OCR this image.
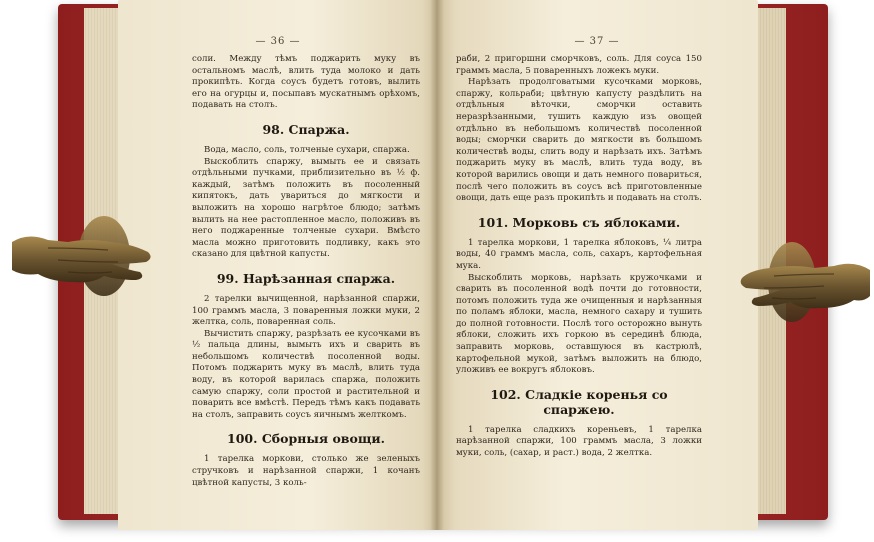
— 36 —

соли. Между тѣмъ поджарить муку въ остальномъ маслѣ, влить туда молоко и дать прокипѣть. Когда соусъ будетъ готовъ, вылить его на огурцы и, посыпавъ мускатнымъ орѣхомъ, подавать на столъ.

98. Спаржа.

Вода, масло, соль, толченые сухари, спаржа.

Выскоблить спаржу, вымыть ее и связать отдѣльными пучками, приблизительно въ ½ ф. каждый, затѣмъ положить въ посоленный кипятокъ, дать увариться до мягкости и выложить на хорошо нагрѣтое блюдо; затѣмъ вылить на нее растопленное масло, положивъ въ него поджаренные толченые сухари. Вмѣсто масла можно приготовить подливку, какъ это сказано для цвѣтной капусты.

99. Нарѣзанная спаржа.

2 тарелки вычищенной, нарѣзанной спаржи, 100 граммъ масла, 3 поваренныя ложки муки, 2 желтка, соль, поваренная соль.

Вычистить спаржу, разрѣзать ее кусочками въ ½ пальца длины, вымыть ихъ и сварить въ небольшомъ количествѣ посоленной воды. Потомъ поджарить муку въ маслѣ, влить туда воду, въ которой варилась спаржа, положить самую спаржу, соли простой и растительной и поварить все вмѣстѣ. Передъ тѣмъ какъ подавать на столъ, заправить соусъ яичнымъ желткомъ.

100. Сборныя овощи.

1 тарелка моркови, столько же зеленыхъ стручковъ и нарѣзанной спаржи, 1 кочанъ цвѣтной капусты, 3 коль-

— 37 —

раби, 2 пригоршни сморчковъ, соль. Для соуса 150 граммъ масла, 5 поваренныхъ ложекъ муки.

Нарѣзать продолговатыми кусочками морковь, спаржу, кольраби; цвѣтную капусту раздѣлить на отдѣльныя вѣточки, сморчки оставить неразрѣзанными, тушить каждую изъ овощей отдѣльно въ небольшомъ количествѣ посоленной воды; сморчки сварить до мягкости въ большомъ количествѣ воды, слить воду и нарѣзать ихъ. Затѣмъ поджарить муку въ маслѣ, влить туда воду, въ которой варились овощи и дать немного повариться, послѣ чего положить въ соусъ всѣ приготовленные овощи, дать еще разъ прокипѣть и подавать на столъ.

101. Морковь съ яблоками.

1 тарелка моркови, 1 тарелка яблоковъ, ¼ литра воды, 40 граммъ масла, соль, сахаръ, картофельная мука.

Выскоблить морковь, нарѣзать кружочками и сварить въ посоленной водѣ почти до готовности, потомъ положить туда же очищенныя и нарѣзанныя по поламъ яблоки, масла, немного сахару и тушить до полной готовности. Послѣ того осторожно вынуть яблоки, сложить ихъ горкою въ серединѣ блюда, заправить морковь, оставшуюся въ кастрюлѣ, картофельной мукой, затѣмъ выложить на блюдо, уложивъ ее вокругъ яблоковъ.

102. Сладкіе коренья со спаржею.

1 тарелка сладкихъ кореньевъ, 1 тарелка нарѣзанной спаржи, 100 граммъ масла, 3 ложки муки, соль, (сахар, и раст.) вода, 2 желтка.
